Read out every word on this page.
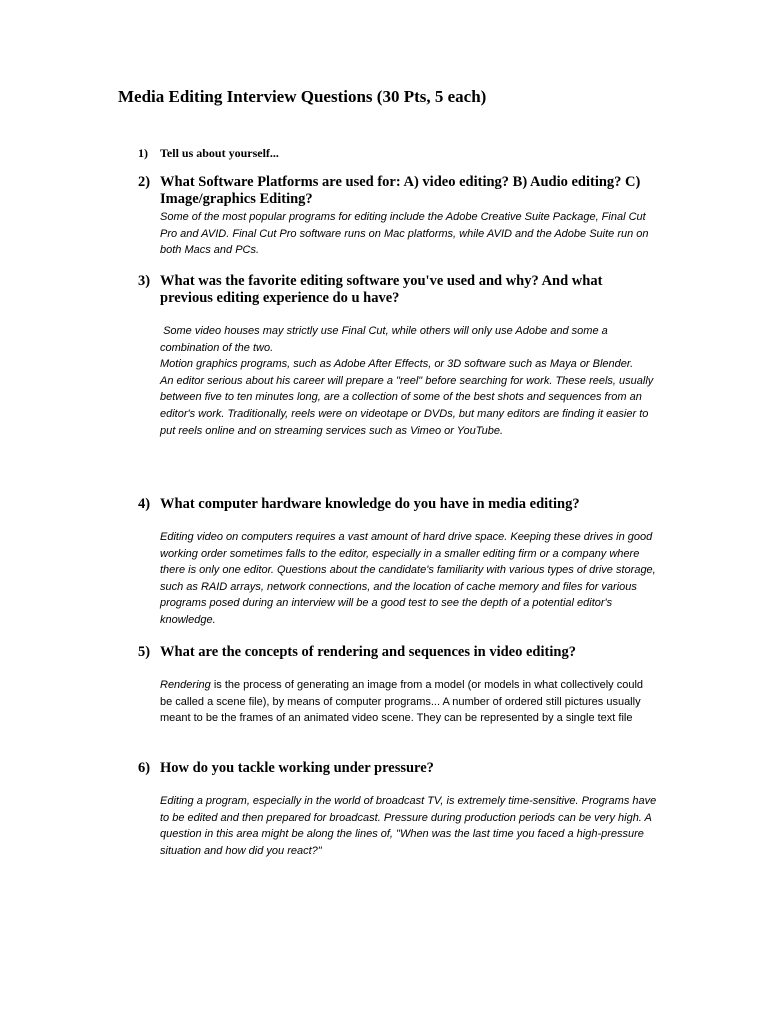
Media Editing Interview Questions (30 Pts, 5 each)
1) Tell us about yourself...
2) What Software Platforms are used for: A) video editing? B) Audio editing? C) Image/graphics Editing?
Some of the most popular programs for editing include the Adobe Creative Suite Package, Final Cut Pro and AVID. Final Cut Pro software runs on Mac platforms, while AVID and the Adobe Suite run on both Macs and PCs.
3) What was the favorite editing software you've used and why? And what previous editing experience do u have?

Some video houses may strictly use Final Cut, while others will only use Adobe and some a combination of the two.

Motion graphics programs, such as Adobe After Effects, or 3D software such as Maya or Blender.

An editor serious about his career will prepare a "reel" before searching for work. These reels, usually between five to ten minutes long, are a collection of some of the best shots and sequences from an editor's work. Traditionally, reels were on videotape or DVDs, but many editors are finding it easier to put reels online and on streaming services such as Vimeo or YouTube.

4) What computer hardware knowledge do you have in media editing?
Editing video on computers requires a vast amount of hard drive space. Keeping these drives in good working order sometimes falls to the editor, especially in a smaller editing firm or a company where there is only one editor. Questions about the candidate's familiarity with various types of drive storage, such as RAID arrays, network connections, and the location of cache memory and files for various programs posed during an interview will be a good test to see the depth of a potential editor's knowledge.
5) What are the concepts of rendering and sequences in video editing?
Rendering is the process of generating an image from a model (or models in what collectively could be called a scene file), by means of computer programs... A number of ordered still pictures usually meant to be the frames of an animated video scene. They can be represented by a single text file
6) How do you tackle working under pressure?
Editing a program, especially in the world of broadcast TV, is extremely time-sensitive. Programs have to be edited and then prepared for broadcast. Pressure during production periods can be very high. A question in this area might be along the lines of, "When was the last time you faced a high-pressure situation and how did you react?"
